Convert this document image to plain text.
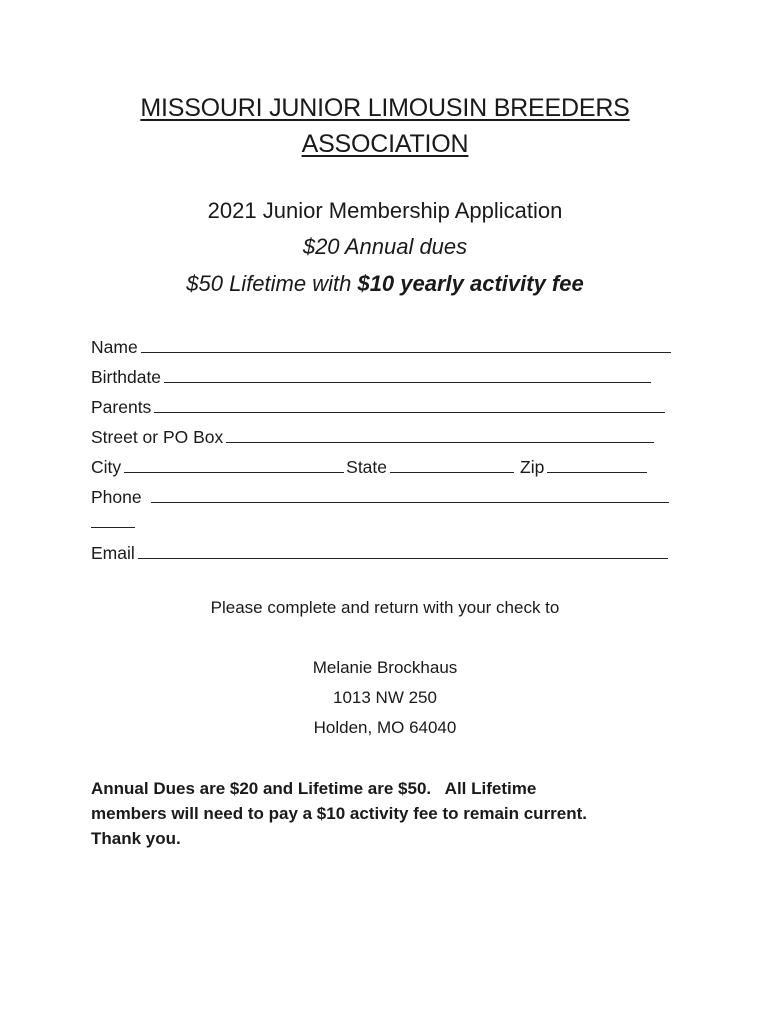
MISSOURI JUNIOR LIMOUSIN BREEDERS
ASSOCIATION
2021 Junior Membership Application
$20 Annual dues
$50 Lifetime with $10 yearly activity fee
Name
Birthdate
Parents
Street or PO Box
City	State	Zip
Phone
Email
Please complete and return with your check to
Melanie Brockhaus
1013 NW 250
Holden, MO 64040
Annual Dues are $20 and Lifetime are $50.   All Lifetime
members will need to pay a $10 activity fee to remain current.
Thank you.
